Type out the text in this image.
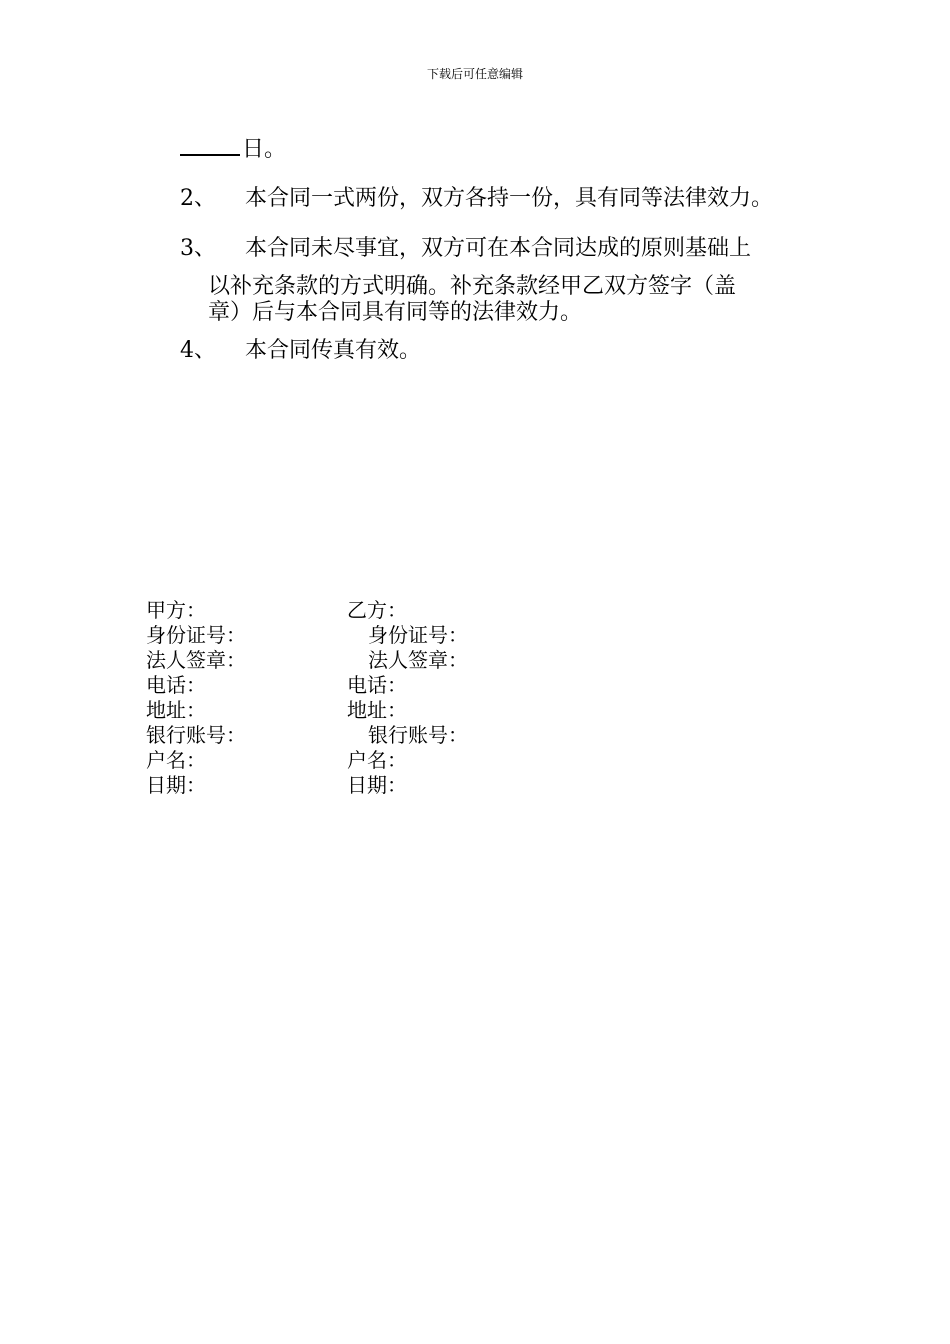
下载后可任意编辑
日。
2、 本合同一式两份，双方各持一份，具有同等法律效力。
3、 本合同未尽事宜，双方可在本合同达成的原则基础上
以补充条款的方式明确。补充条款经甲乙双方签字（盖
章）后与本合同具有同等的法律效力。
4、 本合同传真有效。
甲方：
身份证号：
法人签章：
电话：
地址：
银行账号：
户名：
日期：
乙方：
身份证号：
法人签章：
电话：
地址：
银行账号：
户名：
日期：
